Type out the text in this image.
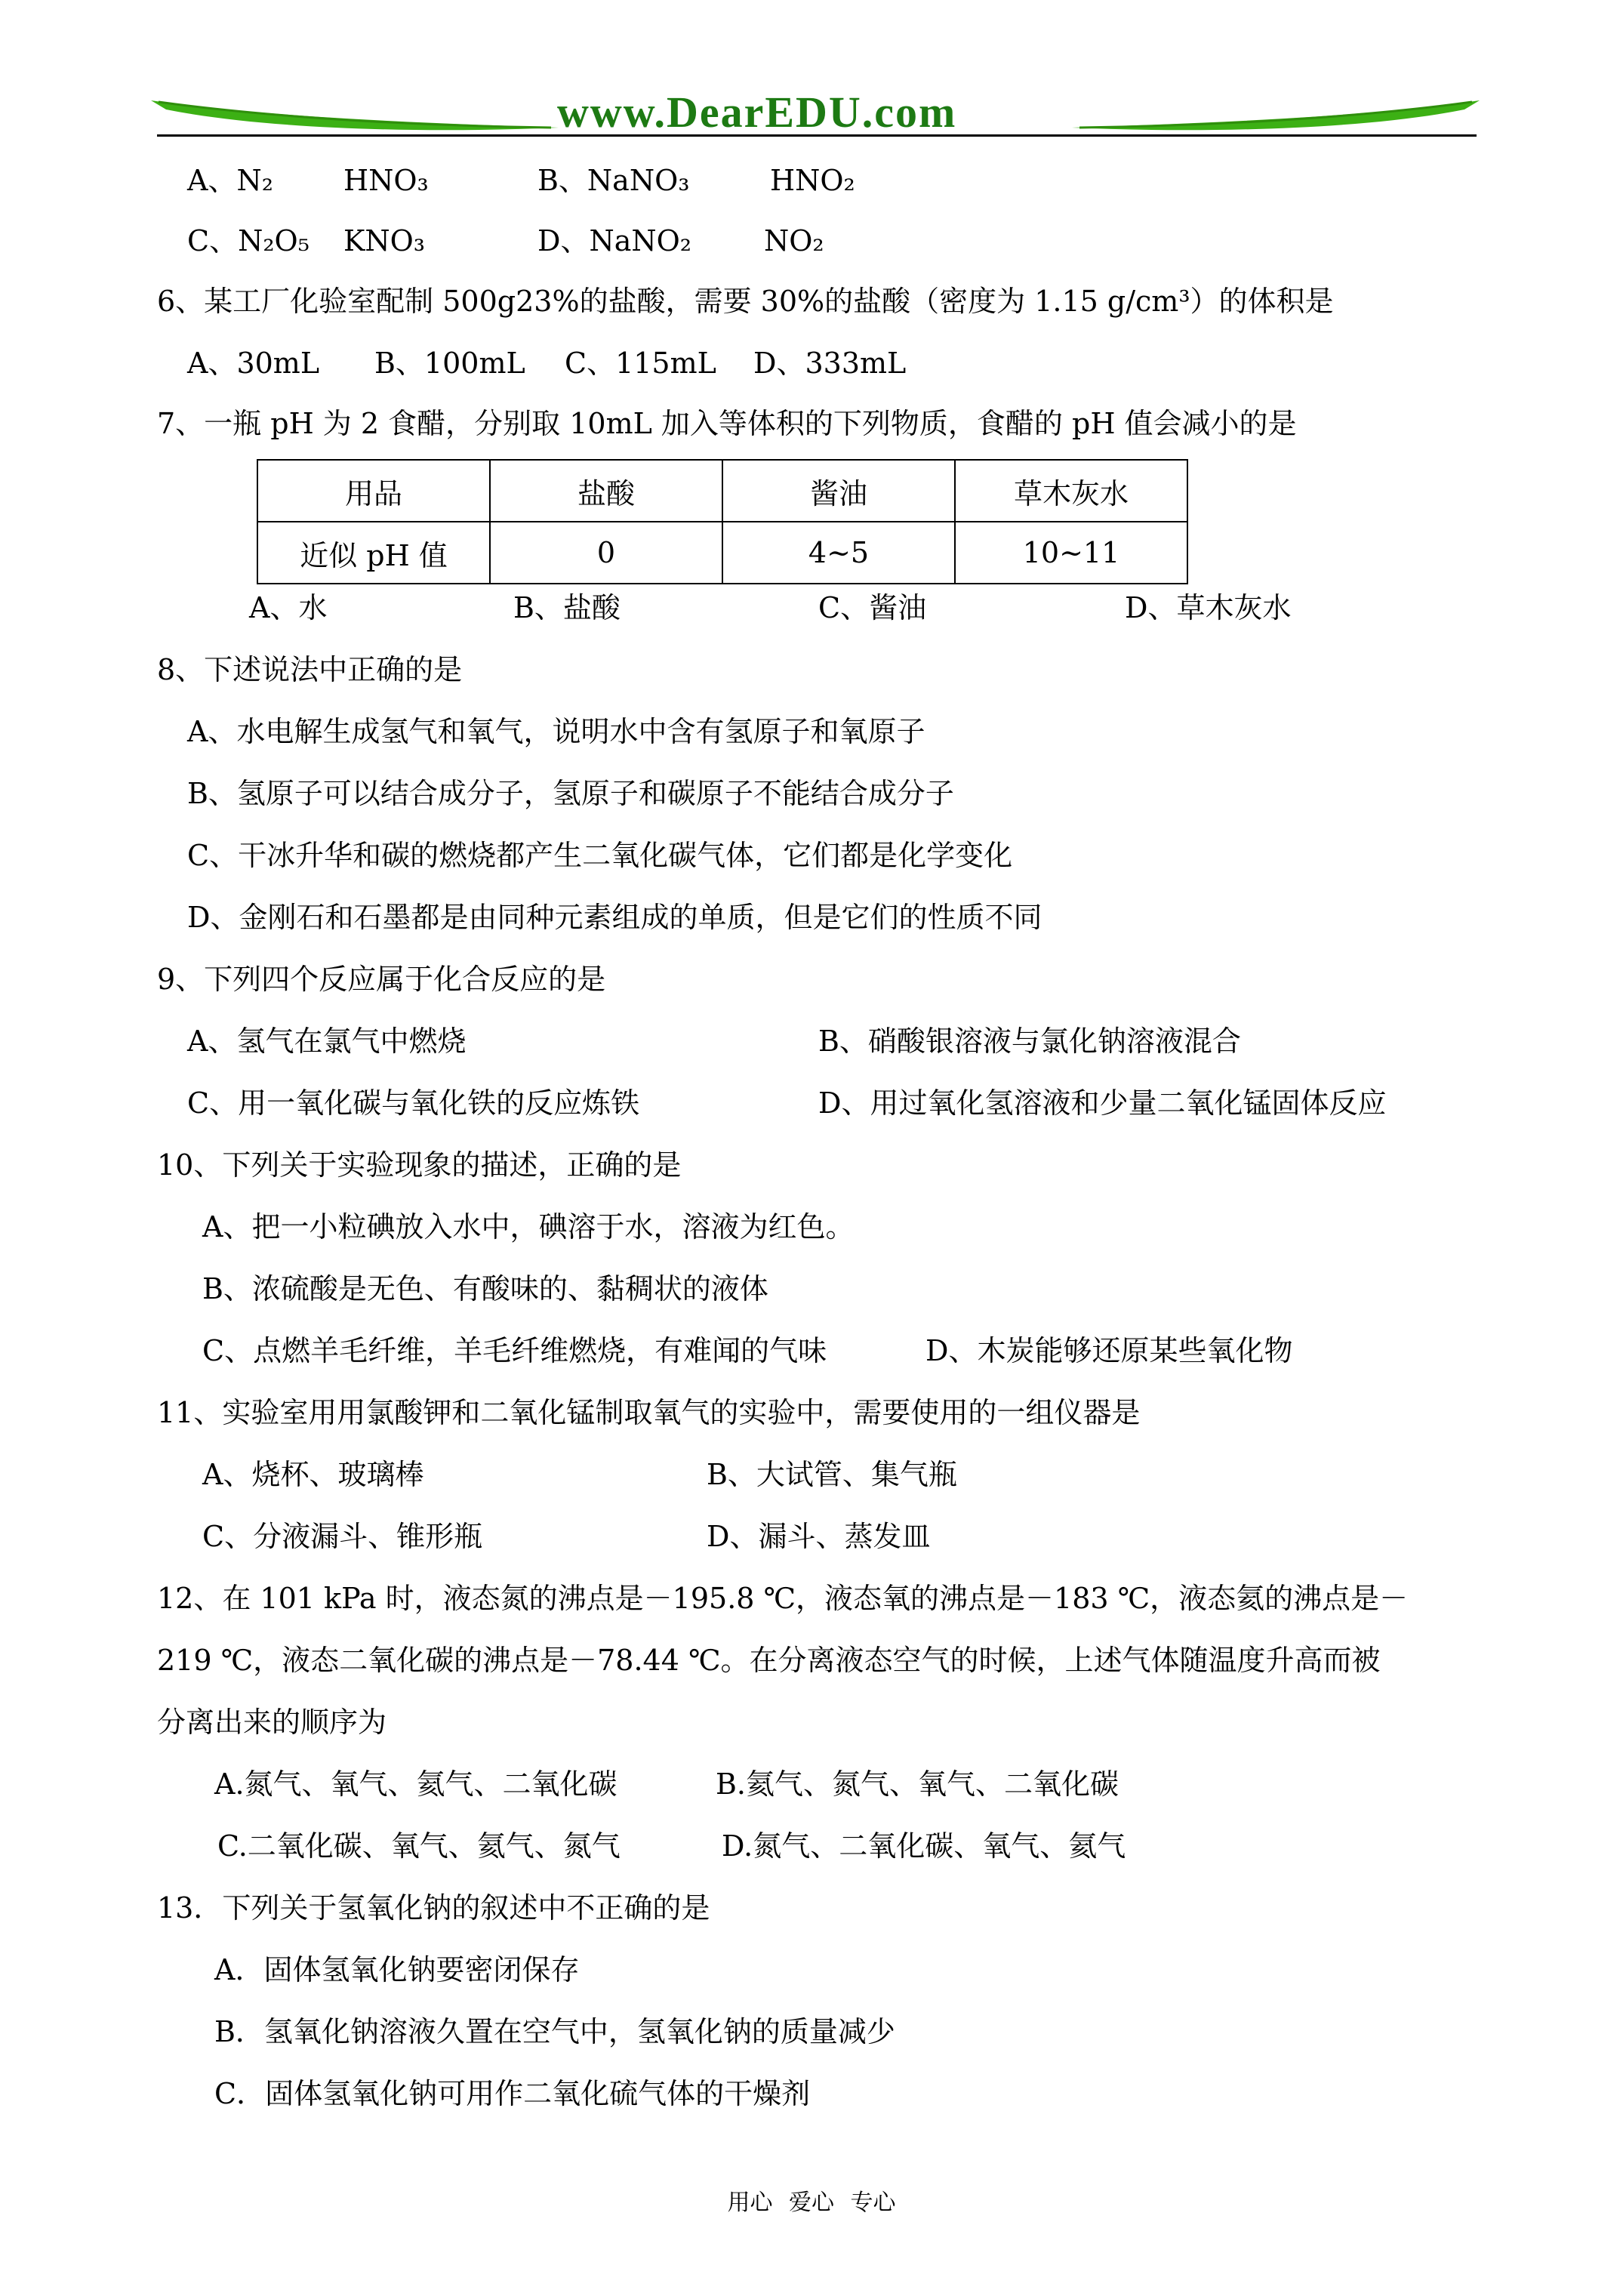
www.DearEDU.com
A、N₂ HNO₃	B、NaNO₃	HNO₂
C、N₂O₅ KNO₃	D、NaNO₂	NO₂
6、某工厂化验室配制 500g23%的盐酸，需要 30%的盐酸（密度为 1.15 g/cm³）的体积是
A、30mL B、100mL C、115mL D、333mL
7、一瓶 pH 为 2 食醋，分别取 10mL 加入等体积的下列物质，食醋的 pH 值会减小的是
用品	盐酸	酱油	草木灰水
近似 pH 值	0	4~5	10~11
A、水	B、盐酸	C、酱油	D、草木灰水
8、下述说法中正确的是
A、水电解生成氢气和氧气，说明水中含有氢原子和氧原子
B、氢原子可以结合成分子，氢原子和碳原子不能结合成分子
C、干冰升华和碳的燃烧都产生二氧化碳气体，它们都是化学变化
D、金刚石和石墨都是由同种元素组成的单质，但是它们的性质不同
9、下列四个反应属于化合反应的是
A、氢气在氯气中燃烧	B、硝酸银溶液与氯化钠溶液混合
C、用一氧化碳与氧化铁的反应炼铁	D、用过氧化氢溶液和少量二氧化锰固体反应
10、下列关于实验现象的描述，正确的是
A、把一小粒碘放入水中，碘溶于水，溶液为红色。
B、浓硫酸是无色、有酸味的、黏稠状的液体
C、点燃羊毛纤维，羊毛纤维燃烧，有难闻的气味	D、木炭能够还原某些氧化物
11、实验室用用氯酸钾和二氧化锰制取氧气的实验中，需要使用的一组仪器是
A、烧杯、玻璃棒	B、大试管、集气瓶
C、分液漏斗、锥形瓶	D、漏斗、蒸发皿
12、在 101 kPa 时，液态氮的沸点是－195.8 ℃，液态氧的沸点是－183 ℃，液态氦的沸点是－
219 ℃，液态二氧化碳的沸点是－78.44 ℃。在分离液态空气的时候，上述气体随温度升高而被
分离出来的顺序为
A.氮气、氧气、氦气、二氧化碳	B.氦气、氮气、氧气、二氧化碳
C.二氧化碳、氧气、氦气、氮气	D.氮气、二氧化碳、氧气、氦气
13．下列关于氢氧化钠的叙述中不正确的是
A．固体氢氧化钠要密闭保存
B．氢氧化钠溶液久置在空气中，氢氧化钠的质量减少
C．固体氢氧化钠可用作二氧化硫气体的干燥剂
用心 爱心 专心
